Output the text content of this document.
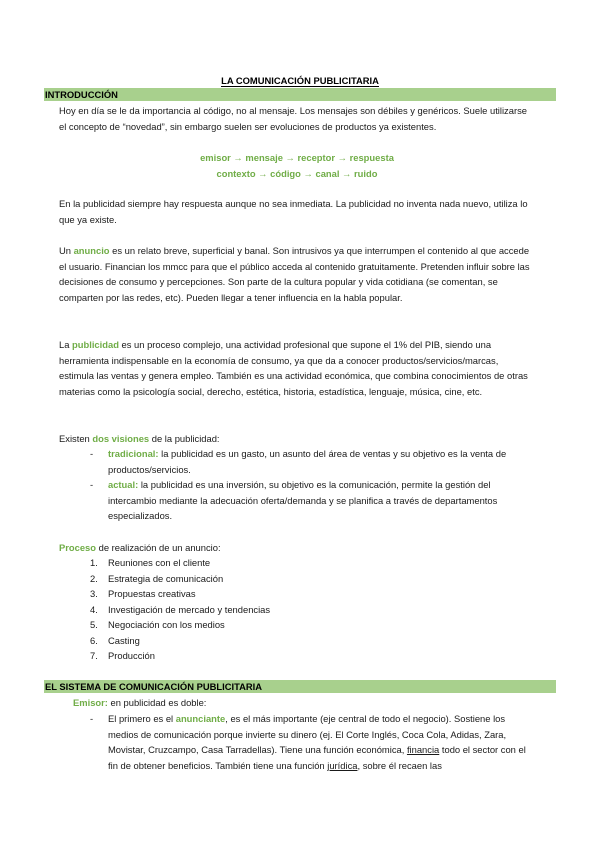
LA COMUNICACIÓN PUBLICITARIA
INTRODUCCIÓN
Hoy en día se le da importancia al código, no al mensaje. Los mensajes son débiles y genéricos. Suele utilizarse el concepto de “novedad”, sin embargo suelen ser evoluciones de productos ya existentes.
emisor → mensaje → receptor → respuesta
contexto → código → canal → ruido
En la publicidad siempre hay respuesta aunque no sea inmediata. La publicidad no inventa nada nuevo, utiliza lo que ya existe.
Un anuncio es un relato breve, superficial y banal. Son intrusivos ya que interrumpen el contenido al que accede el usuario. Financian los mmcc para que el público acceda al contenido gratuitamente. Pretenden influir sobre las decisiones de consumo y percepciones. Son parte de la cultura popular y vida cotidiana (se comentan, se comparten por las redes, etc). Pueden llegar a tener influencia en la habla popular.
La publicidad es un proceso complejo, una actividad profesional que supone el 1% del PIB, siendo una herramienta indispensable en la economía de consumo, ya que da a conocer productos/servicios/marcas, estimula las ventas y genera empleo. También es una actividad económica, que combina conocimientos de otras materias como la psicología social, derecho, estética, historia, estadística, lenguaje, música, cine, etc.
Existen dos visiones de la publicidad:
-	tradicional: la publicidad es un gasto, un asunto del área de ventas y su objetivo es la venta de productos/servicios.
-	actual: la publicidad es una inversión, su objetivo es la comunicación, permite la gestión del intercambio mediante la adecuación oferta/demanda y se planifica a través de departamentos especializados.
Proceso de realización de un anuncio:
1.	Reuniones con el cliente
2.	Estrategia de comunicación
3.	Propuestas creativas
4.	Investigación de mercado y tendencias
5.	Negociación con los medios
6.	Casting
7.	Producción
EL SISTEMA DE COMUNICACIÓN PUBLICITARIA
Emisor: en publicidad es doble:
-	El primero es el anunciante, es el más importante (eje central de todo el negocio). Sostiene los medios de comunicación porque invierte su dinero (ej. El Corte Inglés, Coca Cola, Adidas, Zara, Movistar, Cruzcampo, Casa Tarradellas). Tiene una función económica, financia todo el sector con el fin de obtener beneficios. También tiene una función jurídica, sobre él recaen las
